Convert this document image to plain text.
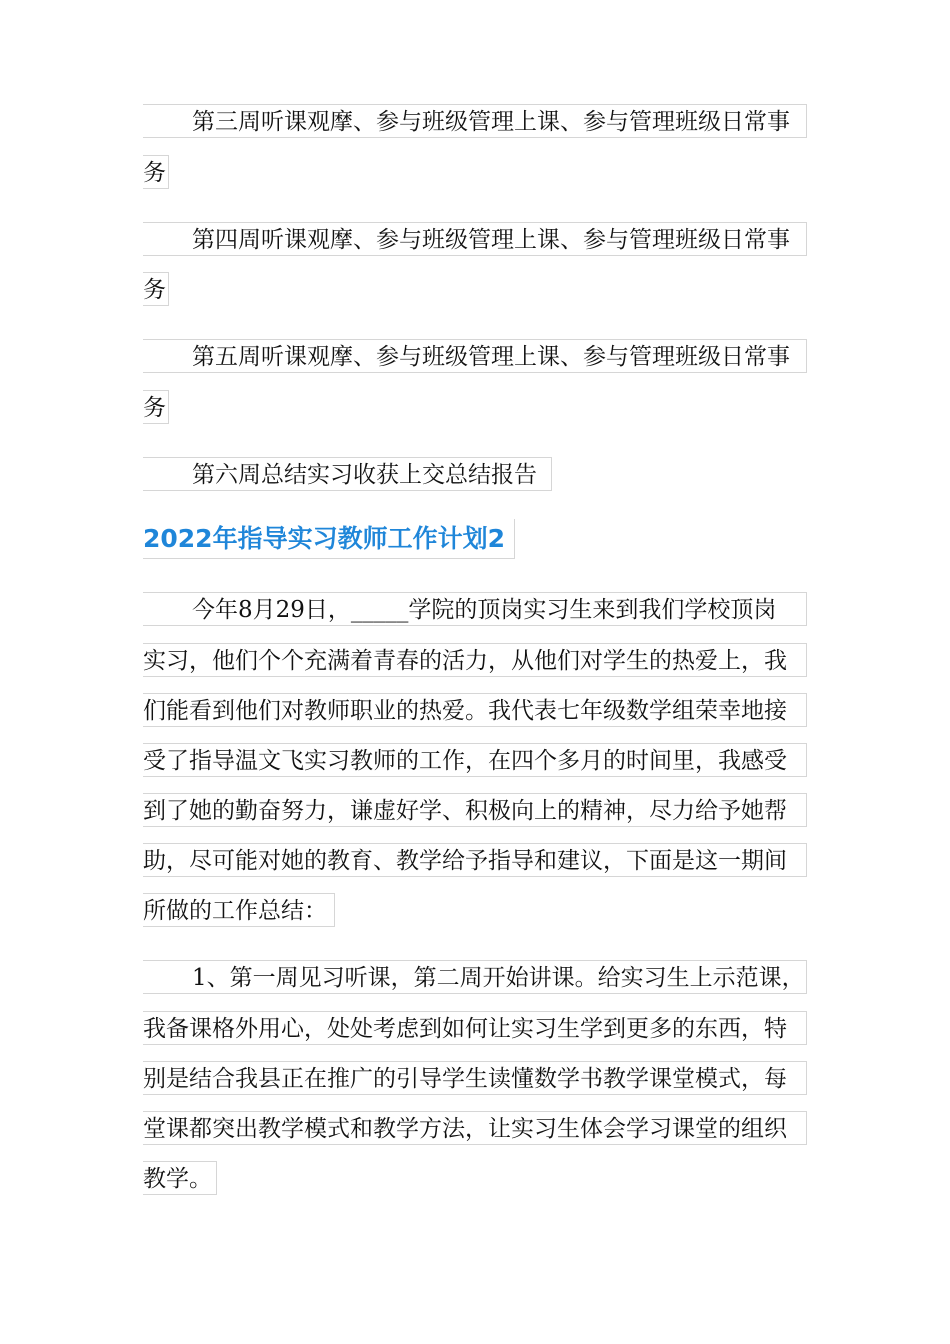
第三周听课观摩、参与班级管理上课、参与管理班级日常事
务
第四周听课观摩、参与班级管理上课、参与管理班级日常事
务
第五周听课观摩、参与班级管理上课、参与管理班级日常事
务
第六周总结实习收获上交总结报告
2022年指导实习教师工作计划2
今年8月29日，_____学院的顶岗实习生来到我们学校顶岗
实习，他们个个充满着青春的活力，从他们对学生的热爱上，我
们能看到他们对教师职业的热爱。我代表七年级数学组荣幸地接
受了指导温文飞实习教师的工作，在四个多月的时间里，我感受
到了她的勤奋努力，谦虚好学、积极向上的精神，尽力给予她帮
助，尽可能对她的教育、教学给予指导和建议，下面是这一期间
所做的工作总结：
1、第一周见习听课，第二周开始讲课。给实习生上示范课，
我备课格外用心，处处考虑到如何让实习生学到更多的东西，特
别是结合我县正在推广的引导学生读懂数学书教学课堂模式，每
堂课都突出教学模式和教学方法，让实习生体会学习课堂的组织
教学。
